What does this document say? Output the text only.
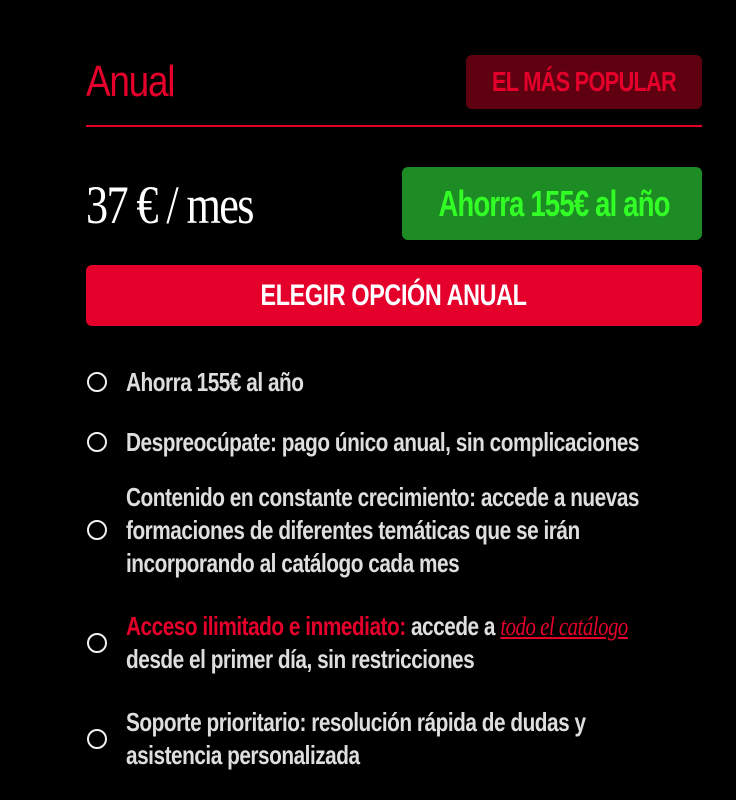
Anual	EL MÁS POPULAR
37 € / mes	Ahorra 155€ al año
ELEGIR OPCIÓN ANUAL
Ahorra 155€ al año
Despreocúpate: pago único anual, sin complicaciones
Contenido en constante crecimiento: accede a nuevas formaciones de diferentes temáticas que se irán incorporando al catálogo cada mes
Acceso ilimitado e inmediato: accede a todo el catálogo desde el primer día, sin restricciones
Soporte prioritario: resolución rápida de dudas y asistencia personalizada
